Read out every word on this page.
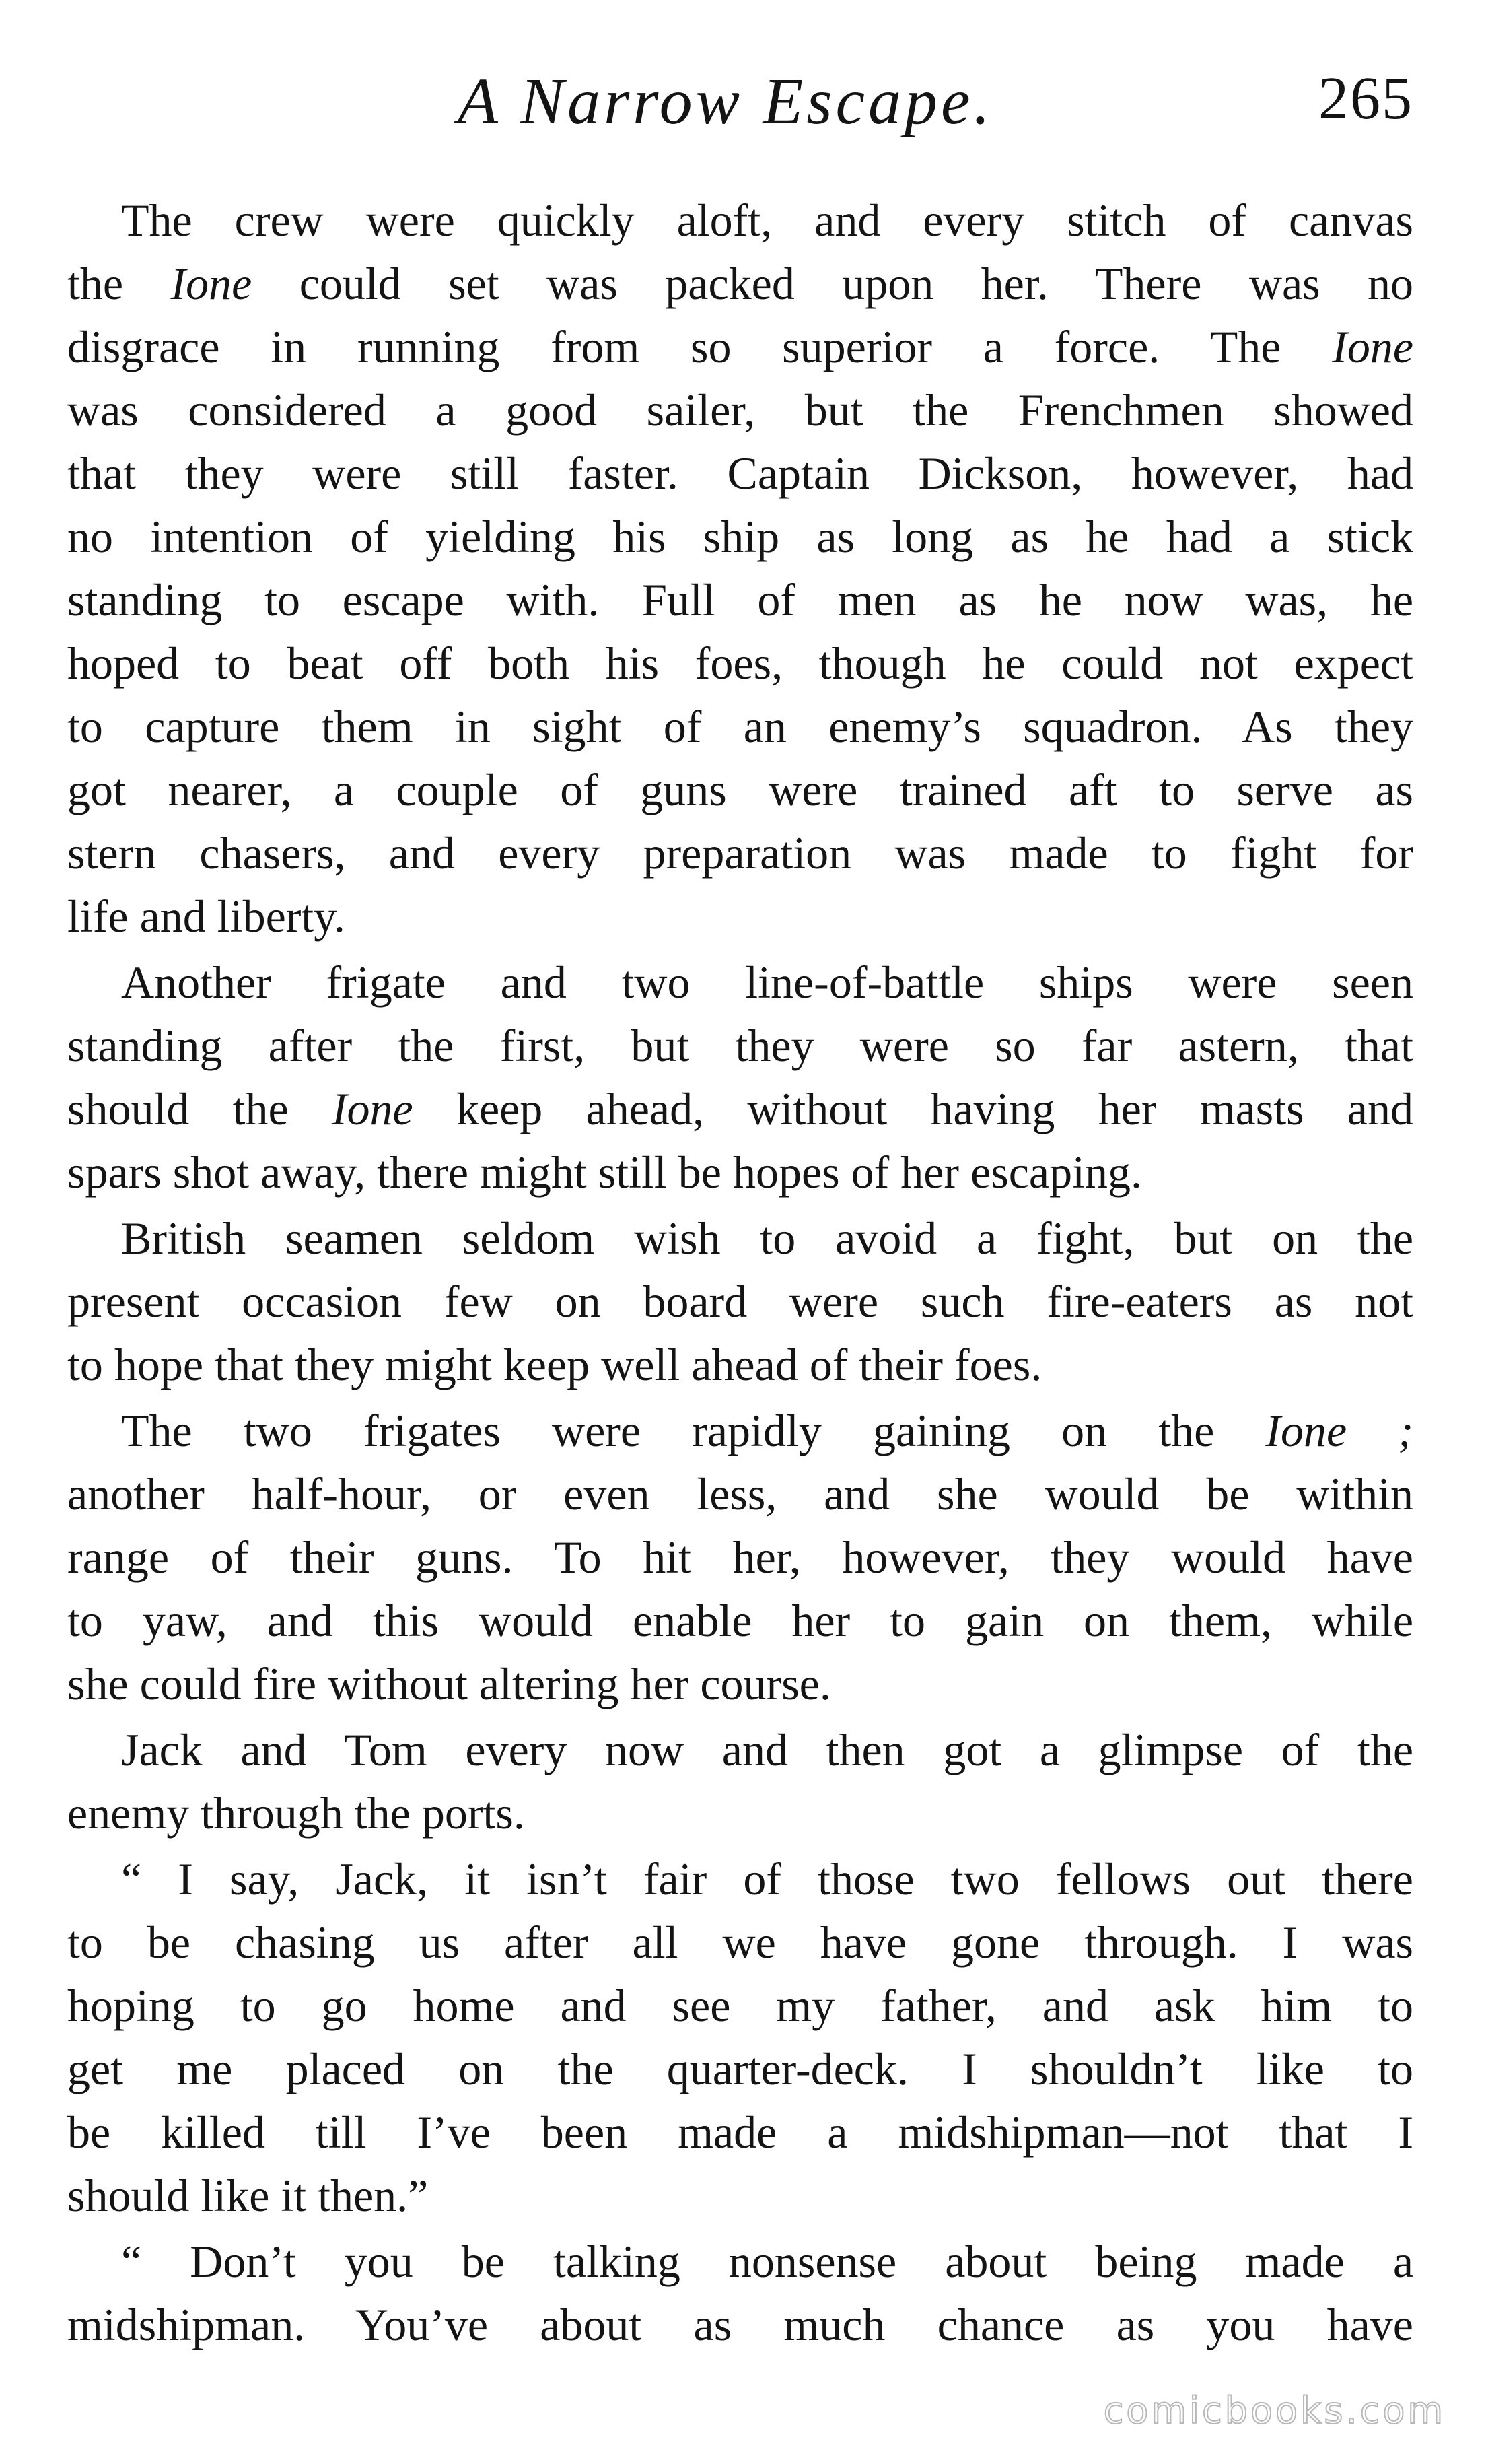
A Narrow Escape.	265
The crew were quickly aloft, and every stitch of canvas
the Ione could set was packed upon her. There was no
disgrace in running from so superior a force. The Ione
was considered a good sailer, but the Frenchmen showed
that they were still faster. Captain Dickson, however, had
no intention of yielding his ship as long as he had a stick
standing to escape with. Full of men as he now was, he
hoped to beat off both his foes, though he could not expect
to capture them in sight of an enemy’s squadron. As they
got nearer, a couple of guns were trained aft to serve as
stern chasers, and every preparation was made to fight for
life and liberty.
Another frigate and two line-of-battle ships were seen
standing after the first, but they were so far astern, that
should the Ione keep ahead, without having her masts and
spars shot away, there might still be hopes of her escaping.
British seamen seldom wish to avoid a fight, but on the
present occasion few on board were such fire-eaters as not
to hope that they might keep well ahead of their foes.
The two frigates were rapidly gaining on the Ione ;
another half-hour, or even less, and she would be within
range of their guns. To hit her, however, they would have
to yaw, and this would enable her to gain on them, while
she could fire without altering her course.
Jack and Tom every now and then got a glimpse of the
enemy through the ports.
“ I say, Jack, it isn’t fair of those two fellows out there
to be chasing us after all we have gone through. I was
hoping to go home and see my father, and ask him to
get me placed on the quarter-deck. I shouldn’t like to
be killed till I’ve been made a midshipman—not that I
should like it then.”
“ Don’t you be talking nonsense about being made a
midshipman. You’ve about as much chance as you have
comicbooks.com
